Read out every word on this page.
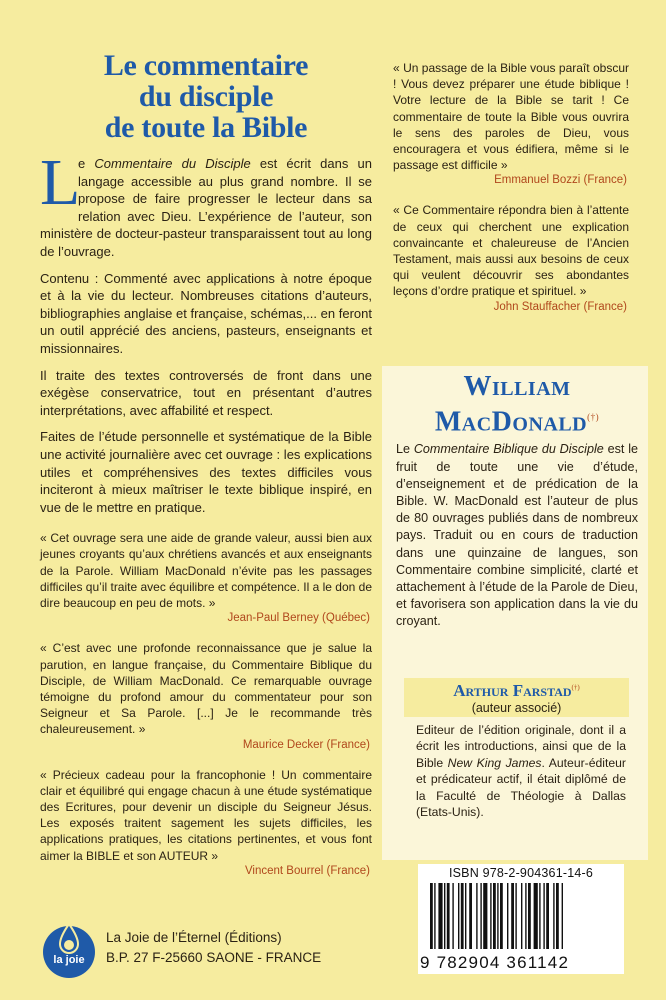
Le commentaire
du disciple
de toute la Bible
L

e Commentaire du Disciple est écrit dans un langage accessible au plus grand nombre. Il se propose de faire progresser le lecteur dans sa relation avec Dieu. L’expérience de l’auteur, son ministère de docteur-pasteur transparaissent tout au long de l’ouvrage.

Contenu : Commenté avec applications à notre époque et à la vie du lecteur. Nombreuses citations d’auteurs, bibliographies anglaise et française, schémas,... en feront un outil apprécié des anciens, pasteurs, enseignants et missionnaires.

Il traite des textes controversés de front dans une exégèse conservatrice, tout en présentant d’autres interprétations, avec affabilité et respect.

Faites de l’étude personnelle et systématique de la Bible une activité journalière avec cet ouvrage : les explications utiles et compréhensives des textes difficiles vous inciteront à mieux maîtriser le texte biblique inspiré, en vue de le mettre en pratique.

« Cet ouvrage sera une aide de grande valeur, aussi bien aux jeunes croyants qu’aux chrétiens avancés et aux enseignants de la Parole. William MacDonald n’évite pas les passages difficiles qu’il traite avec équilibre et compétence. Il a le don de dire beaucoup en peu de mots. »

Jean-Paul Berney (Québec)

« C’est avec une profonde reconnaissance que je salue la parution, en langue française, du Commentaire Biblique du Disciple, de William MacDonald. Ce remarquable ouvrage témoigne du profond amour du commentateur pour son Seigneur et Sa Parole. [...] Je le recommande très chaleureusement. »

Maurice Decker (France)

« Précieux cadeau pour la francophonie ! Un commentaire clair et équilibré qui engage chacun à une étude systématique des Ecritures, pour devenir un disciple du Seigneur Jésus. Les exposés traitent sagement les sujets difficiles, les applications pratiques, les citations pertinentes, et vous font aimer la BIBLE et son AUTEUR »

Vincent Bourrel (France)

« Un passage de la Bible vous paraît obscur ! Vous devez préparer une étude biblique ! Votre lecture de la Bible se tarit ! Ce commentaire de toute la Bible vous ouvrira le sens des paroles de Dieu, vous encouragera et vous édifiera, même si le passage est difficile »

Emmanuel Bozzi (France)

« Ce Commentaire répondra bien à l’attente de ceux qui cherchent une explication convaincante et chaleureuse de l’Ancien Testament, mais aussi aux besoins de ceux qui veulent découvrir ses abondantes leçons d’ordre pratique et spirituel. »

John Stauffacher (France)
William
MacDonald(†)

Le Commentaire Biblique du Disciple est le fruit de toute une vie d’étude, d’enseignement et de prédication de la Bible. W. MacDonald est l’auteur de plus de 80 ouvrages publiés dans de nombreux pays. Traduit ou en cours de traduction dans une quinzaine de langues, son Commentaire combine simplicité, clarté et attachement à l’étude de la Parole de Dieu, et favorisera son application dans la vie du croyant.

Arthur Farstad(†)
(auteur associé)

Editeur de l’édition originale, dont il a écrit les introductions, ainsi que de la Bible New King James. Auteur-éditeur et prédicateur actif, il était diplômé de la Faculté de Théologie à Dallas (Etats-Unis).

ISBN 978-2-904361-14-6
9 782904 361142
la joie
La Joie de l’Éternel (Éditions)
B.P. 27 F-25660 SAONE - FRANCE
